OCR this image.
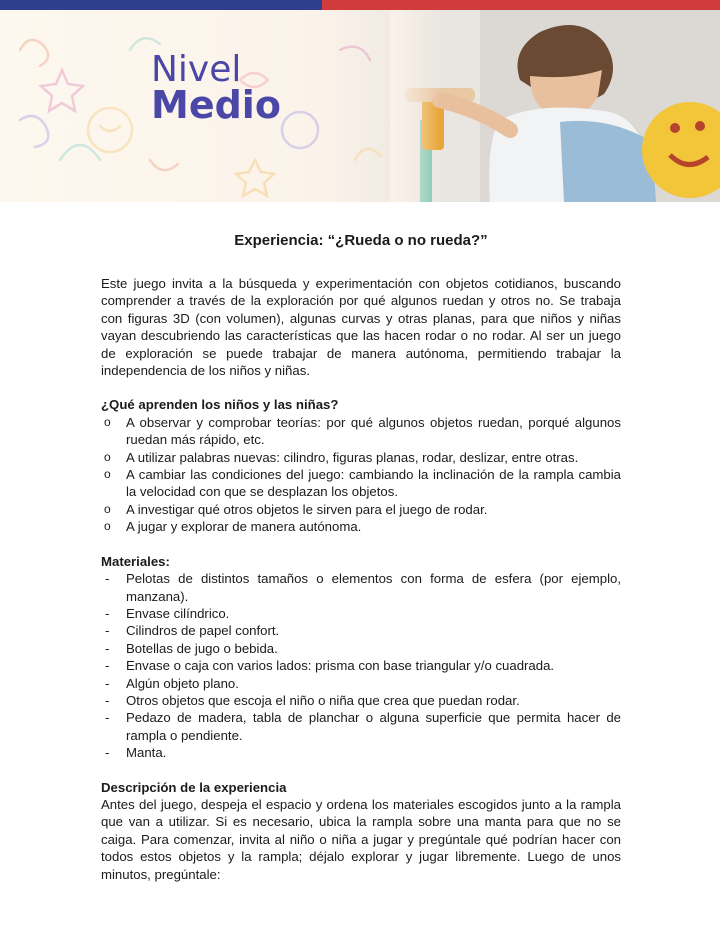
Nivel
Medio
Experiencia: “¿Rueda o no rueda?”

Este juego invita a la búsqueda y experimentación con objetos cotidianos, buscando comprender a través de la exploración por qué algunos ruedan y otros no. Se trabaja con figuras 3D (con volumen), algunas curvas y otras planas, para que niños y niñas vayan descubriendo las características que las hacen rodar o no rodar. Al ser un juego de exploración se puede trabajar de manera autónoma, permitiendo trabajar la independencia de los niños y niñas.

¿Qué aprenden los niños y las niñas?
o A observar y comprobar teorías: por qué algunos objetos ruedan, porqué algunos ruedan más rápido, etc.
o A utilizar palabras nuevas: cilindro, figuras planas, rodar, deslizar, entre otras.
o A cambiar las condiciones del juego: cambiando la inclinación de la rampla cambia la velocidad con que se desplazan los objetos.
o A investigar qué otros objetos le sirven para el juego de rodar.
o A jugar y explorar de manera autónoma.
Materiales:
- Pelotas de distintos tamaños o elementos con forma de esfera (por ejemplo, manzana).
- Envase cilíndrico.
- Cilindros de papel confort.
- Botellas de jugo o bebida.
- Envase o caja con varios lados: prisma con base triangular y/o cuadrada.
- Algún objeto plano.
- Otros objetos que escoja el niño o niña que crea que puedan rodar.
- Pedazo de madera, tabla de planchar o alguna superficie que permita hacer de rampla o pendiente.
- Manta.
Descripción de la experiencia

Antes del juego, despeja el espacio y ordena los materiales escogidos junto a la rampla que van a utilizar. Si es necesario, ubica la rampla sobre una manta para que no se caiga. Para comenzar, invita al niño o niña a jugar y pregúntale qué podrían hacer con todos estos objetos y la rampla; déjalo explorar y jugar libremente. Luego de unos minutos, pregúntale:
